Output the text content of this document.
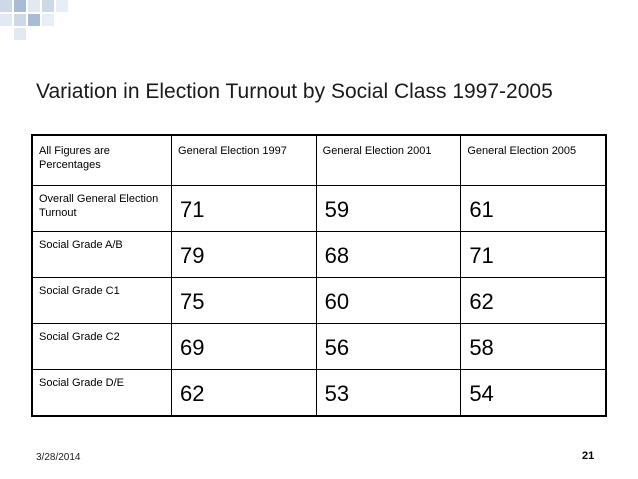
Variation in Election Turnout by Social Class 1997-2005
All Figures are Percentages	General Election 1997	General Election 2001	General Election 2005

Overall General Election Turnout	71	59	61

Social Grade A/B	79	68	71

Social Grade C1	75	60	62

Social Grade C2	69	56	58

Social Grade D/E	62	53	54
3/28/2014	21
